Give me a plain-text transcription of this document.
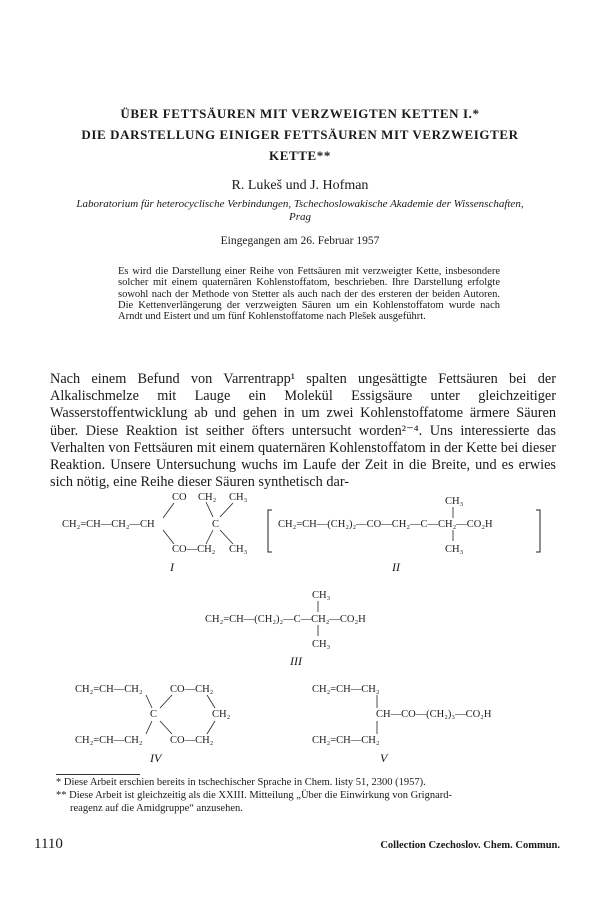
ÜBER FETTSÄUREN MIT VERZWEIGTEN KETTEN I.*
DIE DARSTELLUNG EINIGER FETTSÄUREN MIT VERZWEIGTER
KETTE**
R. Lukeš und J. Hofman
Laboratorium für heterocyclische Verbindungen, Tschechoslowakische Akademie der Wissenschaften,
Prag
Eingegangen am 26. Februar 1957
Es wird die Darstellung einer Reihe von Fettsäuren mit verzweigter Kette, insbesondere solcher mit einem quaternären Kohlenstoffatom, beschrieben. Ihre Darstellung erfolgte sowohl nach der Methode von Stetter als auch nach der des ersteren der beiden Autoren. Die Kettenverlängerung der verzweigten Säuren um ein Kohlenstoffatom wurde nach Arndt und Eistert und um fünf Kohlenstoffatome nach Plešek ausgeführt.
Nach einem Befund von Varrentrapp¹ spalten ungesättigte Fettsäuren bei der Alkalischmelze mit Lauge ein Molekül Essigsäure unter gleichzeitiger Wasserstoffentwicklung ab und gehen in um zwei Kohlenstoffatome ärmere Säuren über. Diese Reaktion ist seither öfters untersucht worden²⁻⁴. Uns interessierte das Verhalten von Fettsäuren mit einem quaternären Kohlenstoffatom in der Kette bei dieser Reaktion. Unsere Untersuchung wuchs im Laufe der Zeit in die Breite, und es erwies sich nötig, eine Reihe dieser Säuren synthetisch dar-
CO CH₂ CH₃
CH₂=CH—CH₂—CH	C
CO—CH₂ CH₃
I
CH₃
CH₂=CH—(CH₂)₂—CO—CH₂—C—CH₂—CO₂H
CH₃
II
CH₃
CH₂=CH—(CH₂)₂—C—CH₂—CO₂H
CH₃
III
CH₂=CH—CH₂	CO—CH₂
C	CH₂
CH₂=CH—CH₂	CO—CH₂
IV
CH₂=CH—CH₂
CH—CO—(CH₂)₃—CO₂H
CH₂=CH—CH₂
V
* Diese Arbeit erschien bereits in tschechischer Sprache in Chem. listy 51, 2300 (1957).
** Diese Arbeit ist gleichzeitig als die XXIII. Mitteilung „Über die Einwirkung von Grignard-
reagenz auf die Amidgruppe“ anzusehen.
1110	Collection Czechoslov. Chem. Commun.
